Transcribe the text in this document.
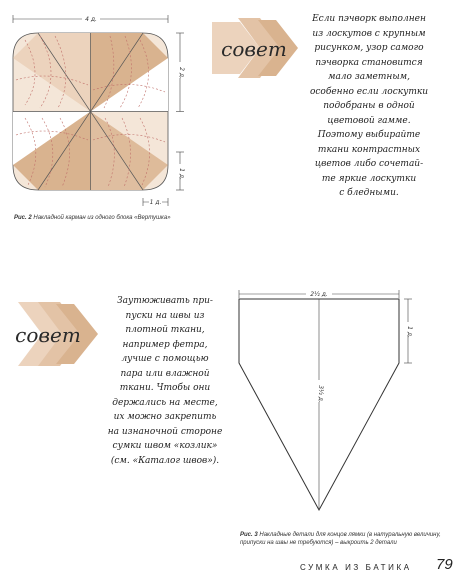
4 д.
2 д.
1 д.
1 д.
Рис. 2 Накладной карман из одного блока «Вертушка»
совет
Если пэчворк выполнен
из лоскутов с крупным
рисунком, узор самого
пэчворка становится
мало заметным,
особенно если лоскутки
подобраны в одной
цветовой гамме.
Поэтому выбирайте
ткани контрастных
цветов либо сочетай-
те яркие лоскутки
с бледными.
совет
Заутюживать при-
пуски на швы из
плотной ткани,
например фетра,
лучше с помощью
пара или влажной
ткани. Чтобы они
держались на месте,
их можно закрепить
на изнаночной стороне
сумки швом «козлик»
(см. «Каталог швов»).
2½ д.
1 д.
3½ д.
Рис. 3 Накладные детали для концов лямки (в натуральную величину, припуски на швы не требуются) – выкроить 2 детали
СУМКА ИЗ БАТИКА 79
